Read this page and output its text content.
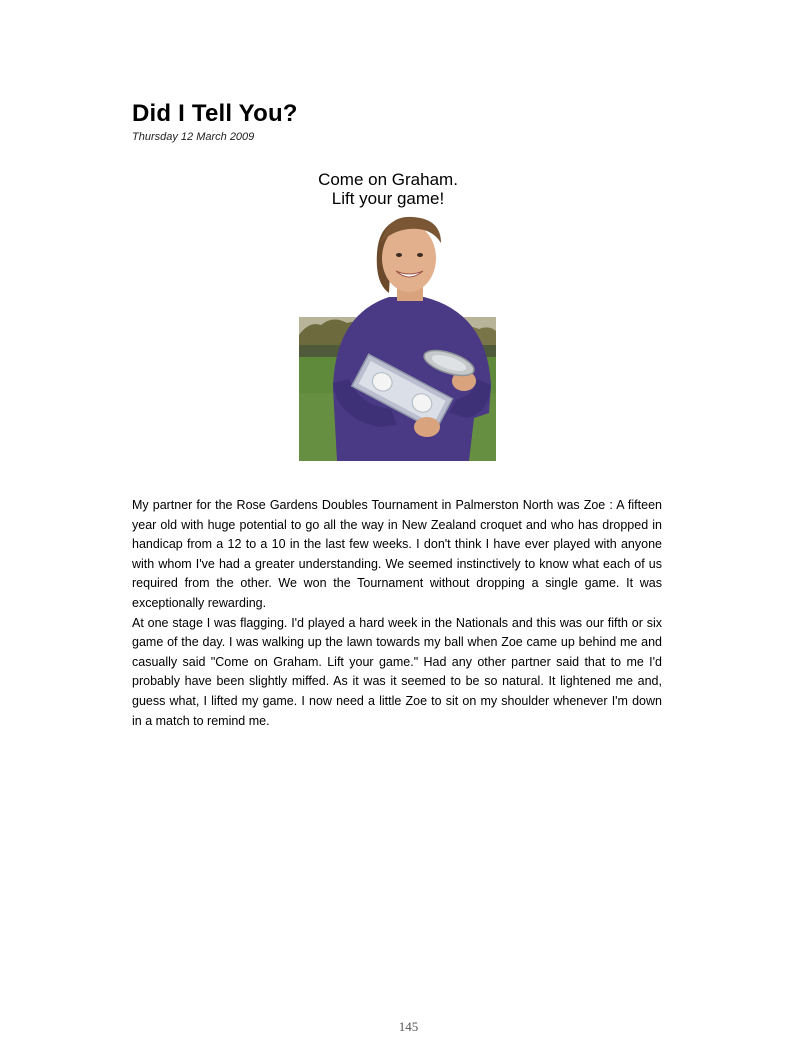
Did I Tell You?
Thursday 12 March 2009
Come on Graham.
Lift your game!

My partner for the Rose Gardens Doubles Tournament in Palmerston North was Zoe : A fifteen year old with huge potential to go all the way in New Zealand croquet and who has dropped in handicap from a 12 to a 10 in the last few weeks. I don't think I have ever played with anyone with whom I've had a greater understanding. We seemed instinctively to know what each of us required from the other. We won the Tournament without dropping a single game. It was exceptionally rewarding.

At one stage I was flagging. I'd played a hard week in the Nationals and this was our fifth or six game of the day. I was walking up the lawn towards my ball when Zoe came up behind me and casually said "Come on Graham. Lift your game." Had any other partner said that to me I'd probably have been slightly miffed. As it was it seemed to be so natural. It lightened me and, guess what, I lifted my game. I now need a little Zoe to sit on my shoulder whenever I'm down in a match to remind me.

145
